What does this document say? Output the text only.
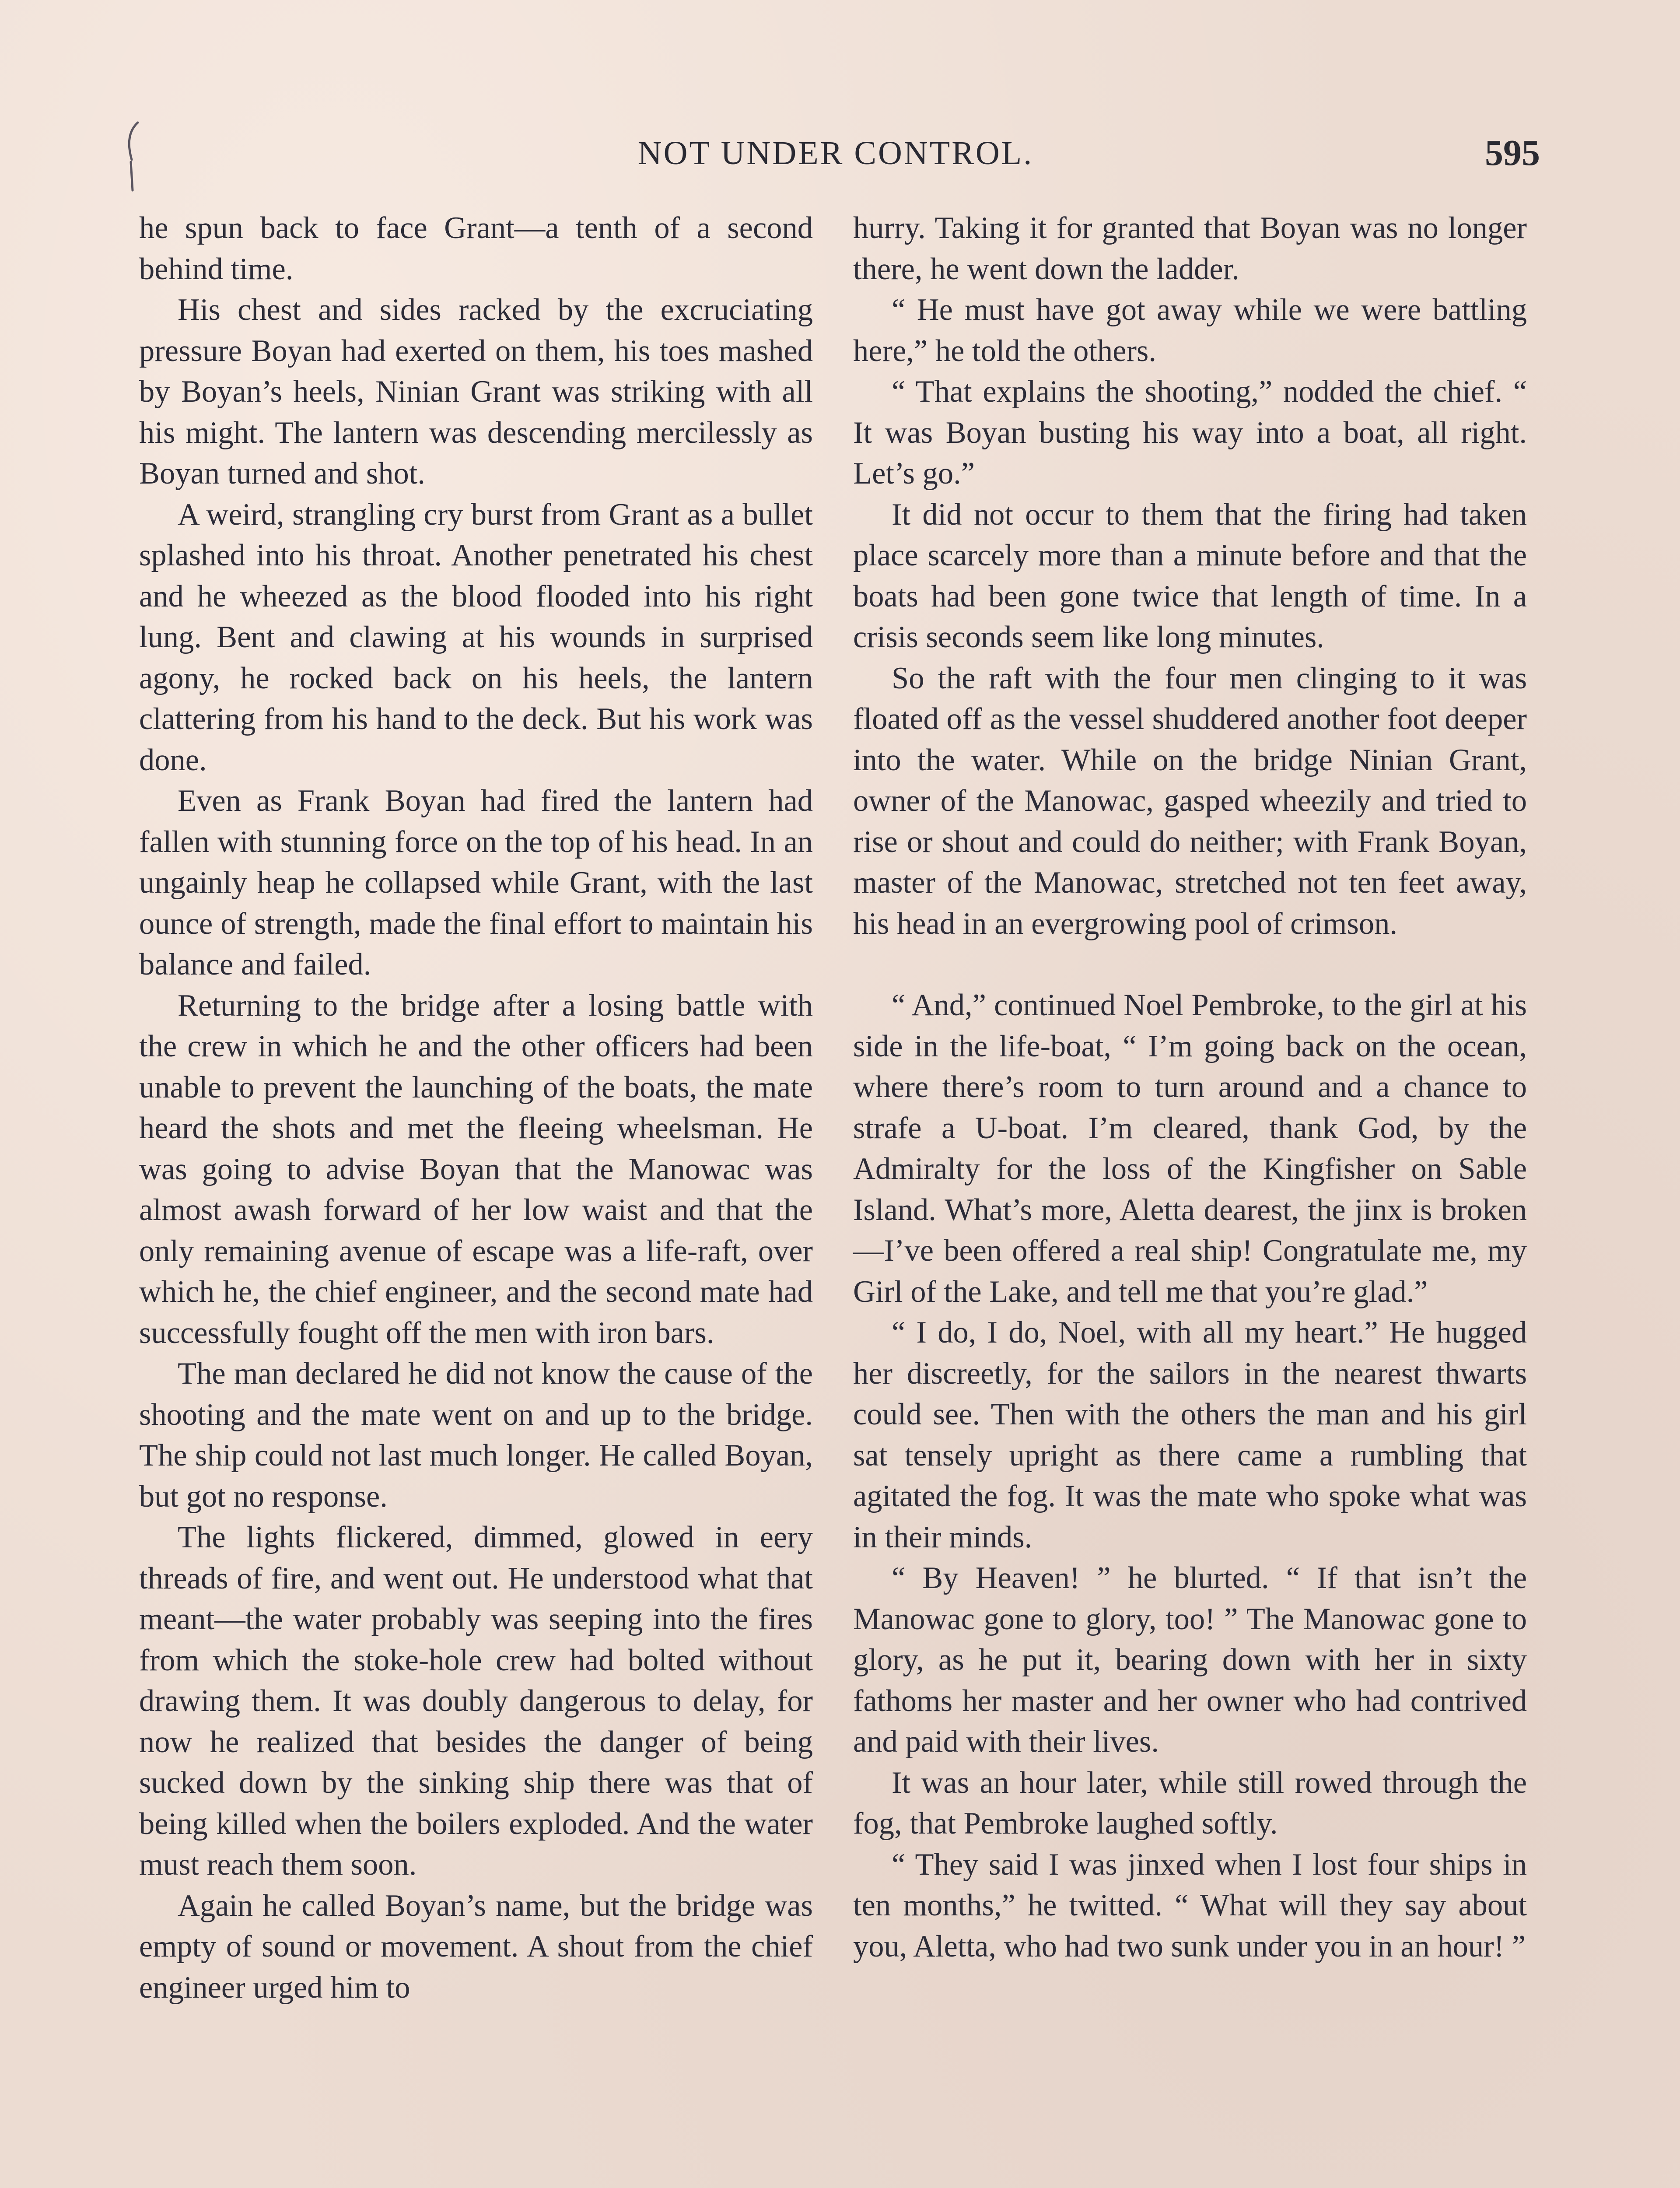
NOT UNDER CONTROL.	595

he spun back to face Grant—a tenth of a second behind time.

His chest and sides racked by the excruciating pressure Boyan had exerted on them, his toes mashed by Boyan’s heels, Ninian Grant was striking with all his might. The lantern was descending mercilessly as Boyan turned and shot.

A weird, strangling cry burst from Grant as a bullet splashed into his throat. Another penetrated his chest and he wheezed as the blood flooded into his right lung. Bent and clawing at his wounds in surprised agony, he rocked back on his heels, the lantern clattering from his hand to the deck. But his work was done.

Even as Frank Boyan had fired the lantern had fallen with stunning force on the top of his head. In an ungainly heap he collapsed while Grant, with the last ounce of strength, made the final effort to maintain his balance and failed.

Returning to the bridge after a losing battle with the crew in which he and the other officers had been unable to prevent the launching of the boats, the mate heard the shots and met the fleeing wheelsman. He was going to advise Boyan that the Manowac was almost awash forward of her low waist and that the only remaining avenue of escape was a life-raft, over which he, the chief engineer, and the second mate had successfully fought off the men with iron bars.

The man declared he did not know the cause of the shooting and the mate went on and up to the bridge. The ship could not last much longer. He called Boyan, but got no response.

The lights flickered, dimmed, glowed in eery threads of fire, and went out. He understood what that meant—the water probably was seeping into the fires from which the stoke-hole crew had bolted without drawing them. It was doubly dangerous to delay, for now he realized that besides the danger of being sucked down by the sinking ship there was that of being killed when the boilers exploded. And the water must reach them soon.

Again he called Boyan’s name, but the bridge was empty of sound or movement. A shout from the chief engineer urged him to

hurry. Taking it for granted that Boyan was no longer there, he went down the ladder.

“ He must have got away while we were battling here,” he told the others.

“ That explains the shooting,” nodded the chief. “ It was Boyan busting his way into a boat, all right. Let’s go.”

It did not occur to them that the firing had taken place scarcely more than a minute before and that the boats had been gone twice that length of time. In a crisis seconds seem like long minutes.

So the raft with the four men clinging to it was floated off as the vessel shuddered another foot deeper into the water. While on the bridge Ninian Grant, owner of the Manowac, gasped wheezily and tried to rise or shout and could do neither; with Frank Boyan, master of the Manowac, stretched not ten feet away, his head in an evergrowing pool of crimson.

“ And,” continued Noel Pembroke, to the girl at his side in the life-boat, “ I’m going back on the ocean, where there’s room to turn around and a chance to strafe a U-boat. I’m cleared, thank God, by the Admiralty for the loss of the Kingfisher on Sable Island. What’s more, Aletta dearest, the jinx is broken—I’ve been offered a real ship! Congratulate me, my Girl of the Lake, and tell me that you’re glad.”

“ I do, I do, Noel, with all my heart.” He hugged her discreetly, for the sailors in the nearest thwarts could see. Then with the others the man and his girl sat tensely upright as there came a rumbling that agitated the fog. It was the mate who spoke what was in their minds.

“ By Heaven! ” he blurted. “ If that isn’t the Manowac gone to glory, too! ” The Manowac gone to glory, as he put it, bearing down with her in sixty fathoms her master and her owner who had contrived and paid with their lives.

It was an hour later, while still rowed through the fog, that Pembroke laughed softly.

“ They said I was jinxed when I lost four ships in ten months,” he twitted. “ What will they say about you, Aletta, who had two sunk under you in an hour! ”
